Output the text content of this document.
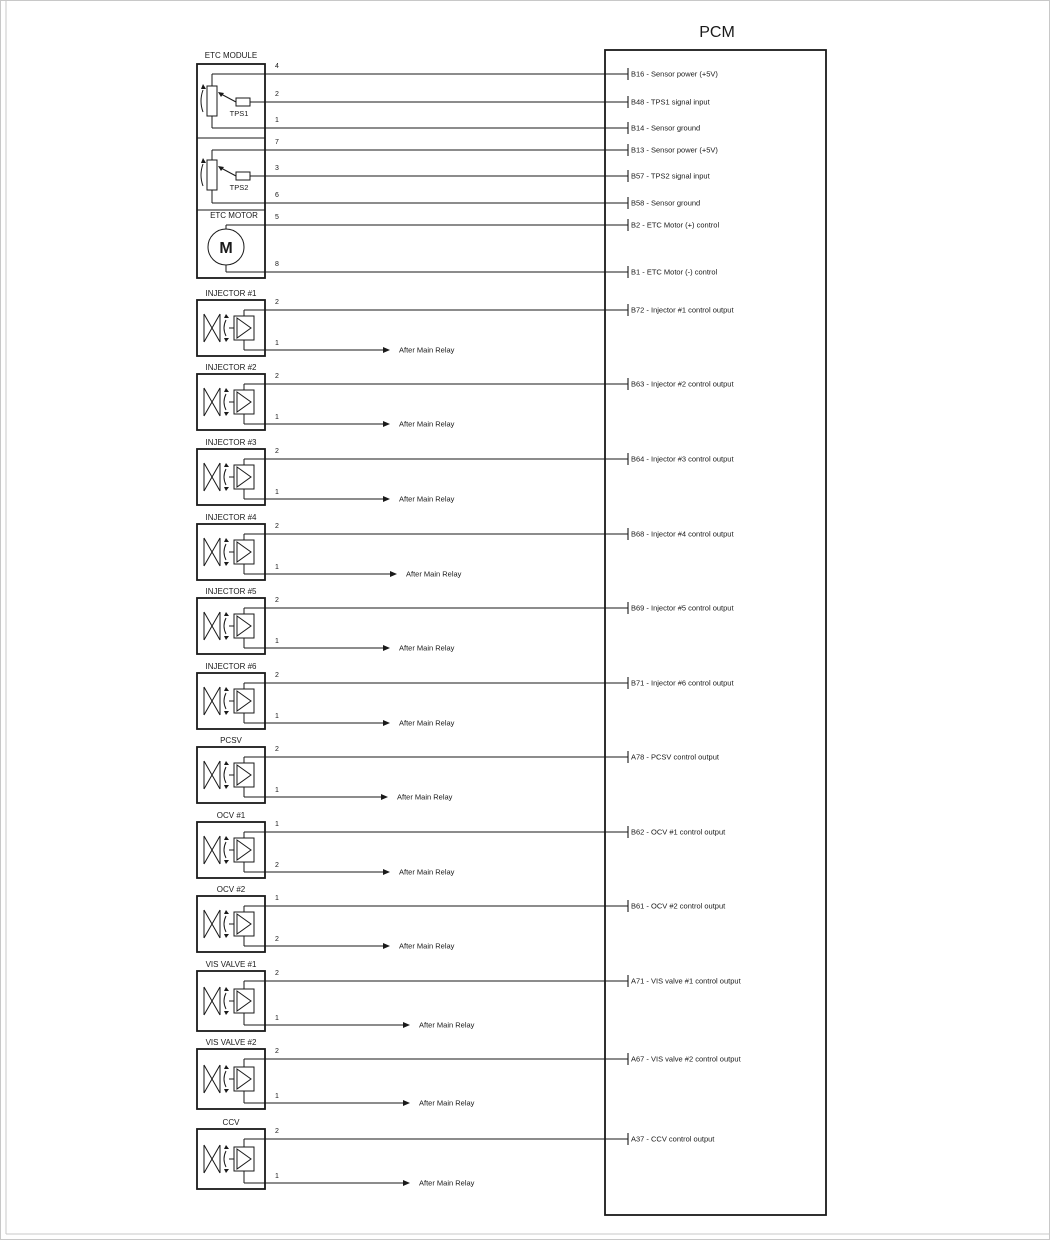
PCM
ETC MODULE
TPS1
TPS2
ETC MOTOR
M
4
B16 - Sensor power (+5V)
2
B48 - TPS1 signal input
1
B14 - Sensor ground
7
B13 - Sensor power (+5V)
3
B57 - TPS2 signal input
6
B58 - Sensor ground
5
B2 - ETC Motor (+) control
8
B1 - ETC Motor (-) control
INJECTOR #1
2
B72 - Injector #1 control output
1
After Main Relay
INJECTOR #2
2
B63 - Injector #2 control output
1
After Main Relay
INJECTOR #3
2
B64 - Injector #3 control output
1
After Main Relay
INJECTOR #4
2
B68 - Injector #4 control output
1
After Main Relay
INJECTOR #5
2
B69 - Injector #5 control output
1
After Main Relay
INJECTOR #6
2
B71 - Injector #6 control output
1
After Main Relay
PCSV
2
A78 - PCSV control output
1
After Main Relay
OCV #1
1
B62 - OCV #1 control output
2
After Main Relay
OCV #2
1
B61 - OCV #2 control output
2
After Main Relay
VIS VALVE #1
2
A71 - VIS valve #1 control output
1
After Main Relay
VIS VALVE #2
2
A67 - VIS valve #2 control output
1
After Main Relay
CCV
2
A37 - CCV control output
1
After Main Relay
